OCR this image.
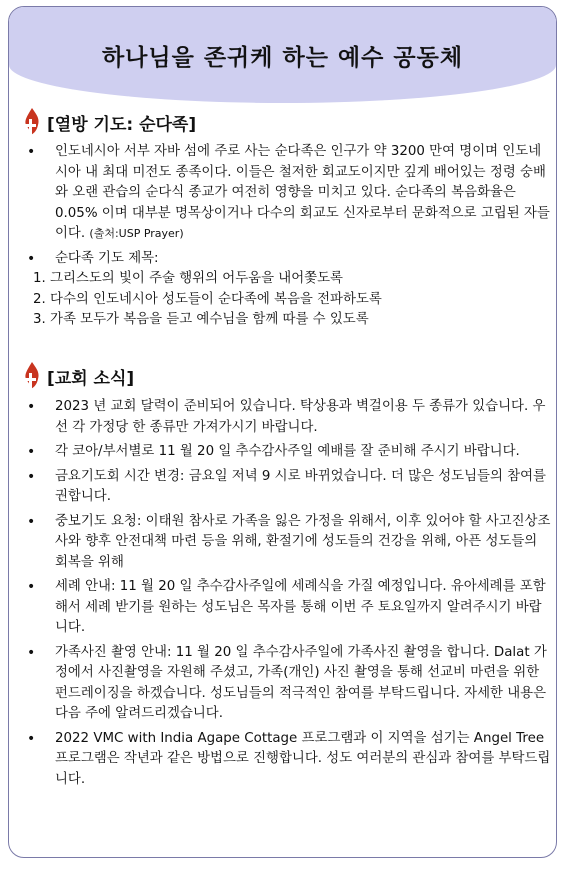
하나님을 존귀케 하는 예수 공동체
[열방 기도: 순다족]
• 인도네시아 서부 자바 섬에 주로 사는 순다족은 인구가 약 3200 만여 명이며 인도네시아 내 최대 미전도 종족이다. 이들은 철저한 회교도이지만 깊게 배어있는 정령 숭배와 오랜 관습의 순다식 종교가 여전히 영향을 미치고 있다. 순다족의 복음화율은 0.05% 이며 대부분 명목상이거나 다수의 회교도 신자로부터 문화적으로 고립된 자들이다. (출처:USP Prayer)
• 순다족 기도 제목:
1. 그리스도의 빛이 주술 행위의 어두움을 내어쫓도록
2. 다수의 인도네시아 성도들이 순다족에 복음을 전파하도록
3. 가족 모두가 복음을 듣고 예수님을 함께 따를 수 있도록
[교회 소식]
• 2023 년 교회 달력이 준비되어 있습니다. 탁상용과 벽걸이용 두 종류가 있습니다. 우선 각 가정당 한 종류만 가져가시기 바랍니다.
• 각 코아/부서별로 11 월 20 일 추수감사주일 예배를 잘 준비해 주시기 바랍니다.
• 금요기도회 시간 변경: 금요일 저녁 9 시로 바뀌었습니다. 더 많은 성도님들의 참여를 권합니다.
• 중보기도 요청: 이태원 참사로 가족을 잃은 가정을 위해서, 이후 있어야 할 사고진상조사와 향후 안전대책 마련 등을 위해, 환절기에 성도들의 건강을 위해, 아픈 성도들의 회복을 위해
• 세례 안내: 11 월 20 일 추수감사주일에 세례식을 가질 예정입니다. 유아세례를 포함해서 세례 받기를 원하는 성도님은 목자를 통해 이번 주 토요일까지 알려주시기 바랍니다.
• 가족사진 촬영 안내: 11 월 20 일 추수감사주일에 가족사진 촬영을 합니다. Dalat 가정에서 사진촬영을 자원해 주셨고, 가족(개인) 사진 촬영을 통해 선교비 마련을 위한 펀드레이징을 하겠습니다. 성도님들의 적극적인 참여를 부탁드립니다. 자세한 내용은 다음 주에 알려드리겠습니다.
• 2022 VMC with India Agape Cottage 프로그램과 이 지역을 섬기는 Angel Tree 프로그램은 작년과 같은 방법으로 진행합니다. 성도 여러분의 관심과 참여를 부탁드립니다.
